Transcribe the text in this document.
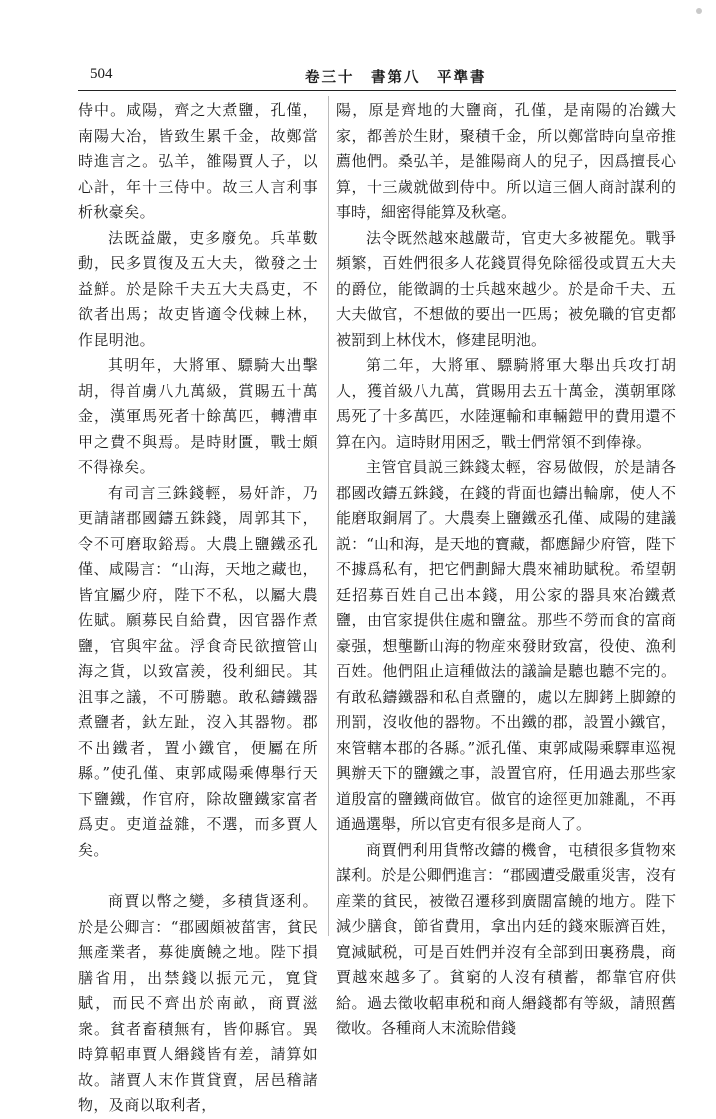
504	卷三十　書第八　平準書

侍中。咸陽，齊之大煮鹽，孔僅，南陽大冶，皆致生累千金，故鄭當時進言之。弘羊，雒陽賈人子，以心計，年十三侍中。故三人言利事析秋豪矣。

法既益嚴，吏多廢免。兵革數動，民多買復及五大夫，徵發之士益鮮。於是除千夫五大夫爲吏，不欲者出馬；故吏皆適令伐棘上林，作昆明池。

其明年，大將軍、驃騎大出擊胡，得首虜八九萬級，賞賜五十萬金，漢軍馬死者十餘萬匹，轉漕車甲之費不與焉。是時財匱，戰士頗不得祿矣。

有司言三銖錢輕，易奸詐，乃更請諸郡國鑄五銖錢，周郭其下，令不可磨取鋊焉。大農上鹽鐵丞孔僅、咸陽言：“山海，天地之藏也，皆宜屬少府，陛下不私，以屬大農佐賦。願募民自給費，因官器作煮鹽，官與牢盆。浮食奇民欲擅管山海之貨，以致富羨，役利細民。其沮事之議，不可勝聽。敢私鑄鐵器煮鹽者，釱左趾，沒入其器物。郡不出鐵者，置小鐵官，便屬在所縣。”使孔僅、東郭咸陽乘傳舉行天下鹽鐵，作官府，除故鹽鐵家富者爲吏。吏道益雜，不選，而多賈人矣。

商賈以幣之變，多積貨逐利。於是公卿言：“郡國頗被菑害，貧民無產業者，募徙廣饒之地。陛下損膳省用，出禁錢以振元元，寬貸賦，而民不齊出於南畝，商賈滋衆。貧者畜積無有，皆仰縣官。異時算軺車賈人緡錢皆有差，請算如故。諸賈人末作貰貸賣，居邑稽諸物，及商以取利者，

陽，原是齊地的大鹽商，孔僅，是南陽的冶鐵大家，都善於生財，聚積千金，所以鄭當時向皇帝推薦他們。桑弘羊，是雒陽商人的兒子，因爲擅長心算，十三歲就做到侍中。所以這三個人商討謀利的事時，細密得能算及秋毫。

法令既然越來越嚴苛，官吏大多被罷免。戰爭頻繁，百姓們很多人花錢買得免除徭役或買五大夫的爵位，能徵調的士兵越來越少。於是命千夫、五大夫做官，不想做的要出一匹馬；被免職的官吏都被罰到上林伐木，修建昆明池。

第二年，大將軍、驃騎將軍大舉出兵攻打胡人，獲首級八九萬，賞賜用去五十萬金，漢朝軍隊馬死了十多萬匹，水陸運輸和車輛鎧甲的費用還不算在內。這時財用困乏，戰士們常領不到俸祿。

主管官員説三銖錢太輕，容易做假，於是請各郡國改鑄五銖錢，在錢的背面也鑄出輪廓，使人不能磨取銅屑了。大農奏上鹽鐵丞孔僅、咸陽的建議説：“山和海，是天地的寶藏，都應歸少府管，陛下不據爲私有，把它們劃歸大農來補助賦稅。希望朝廷招募百姓自己出本錢，用公家的器具來冶鐵煮鹽，由官家提供住處和鹽盆。那些不勞而食的富商豪强，想壟斷山海的物産來發財致富，役使、漁利百姓。他們阻止這種做法的議論是聽也聽不完的。有敢私鑄鐵器和私自煮鹽的，處以左脚銬上脚鐐的刑罰，沒收他的器物。不出鐵的郡，設置小鐵官，來管轄本郡的各縣。”派孔僅、東郭咸陽乘驛車巡視興辦天下的鹽鐵之事，設置官府，任用過去那些家道殷富的鹽鐵商做官。做官的途徑更加雜亂，不再通過選舉，所以官吏有很多是商人了。

商賈們利用貨幣改鑄的機會，屯積很多貨物來謀利。於是公卿們進言：“郡國遭受嚴重災害，沒有産業的貧民，被徵召遷移到廣闊富饒的地方。陛下減少膳食，節省費用，拿出内廷的錢來賑濟百姓，寬減賦税，可是百姓們并沒有全部到田裏務農，商賈越來越多了。貧窮的人沒有積蓄，都靠官府供給。過去徵收軺車税和商人緡錢都有等級，請照舊徵收。各種商人末流賒借錢
